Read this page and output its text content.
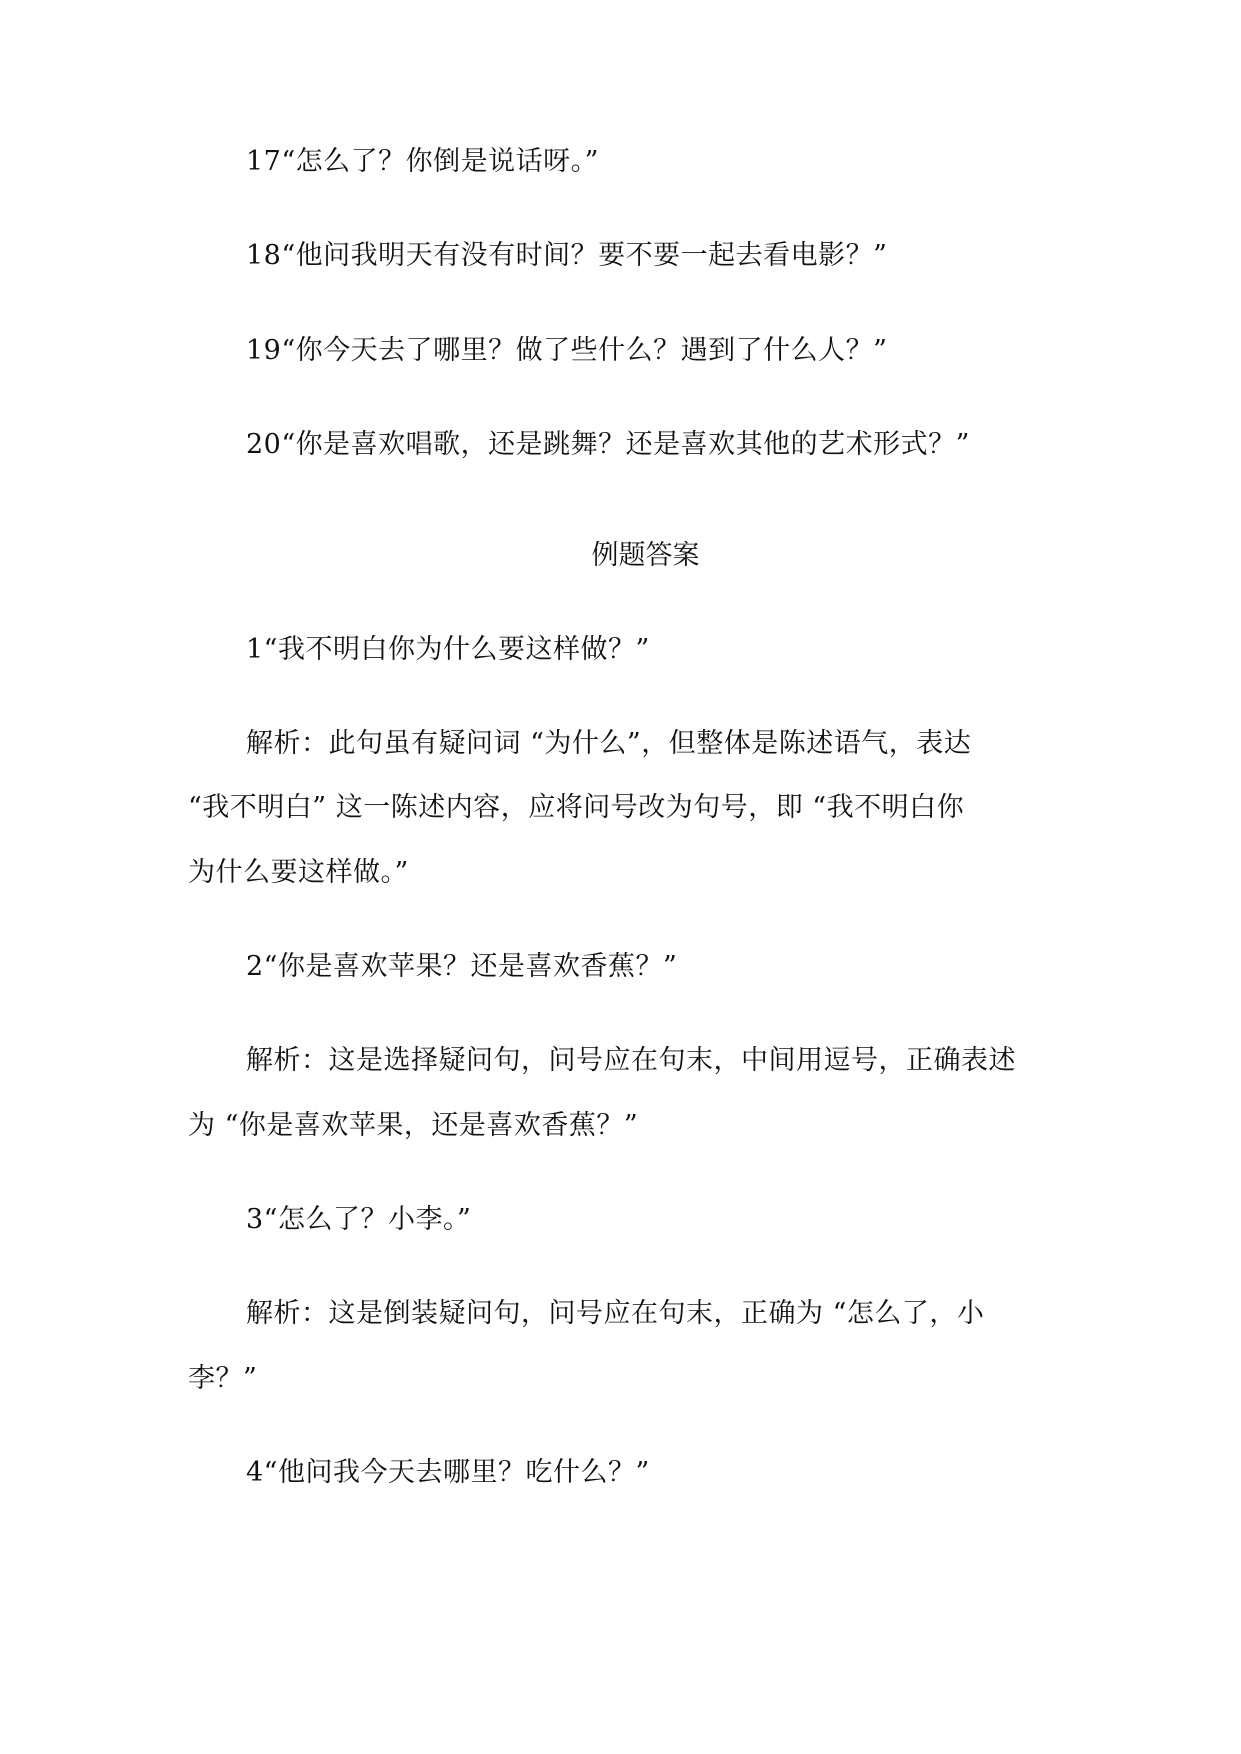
17“怎么了？你倒是说话呀。”
18“他问我明天有没有时间？要不要一起去看电影？”
19“你今天去了哪里？做了些什么？遇到了什么人？”
20“你是喜欢唱歌，还是跳舞？还是喜欢其他的艺术形式？”
例题答案
1“我不明白你为什么要这样做？”
解析：此句虽有疑问词 “为什么”，但整体是陈述语气，表达
“我不明白” 这一陈述内容，应将问号改为句号，即 “我不明白你
为什么要这样做。”
2“你是喜欢苹果？还是喜欢香蕉？”
解析：这是选择疑问句，问号应在句末，中间用逗号，正确表述
为 “你是喜欢苹果，还是喜欢香蕉？”
3“怎么了？小李。”
解析：这是倒装疑问句，问号应在句末，正确为 “怎么了，小
李？”
4“他问我今天去哪里？吃什么？”
